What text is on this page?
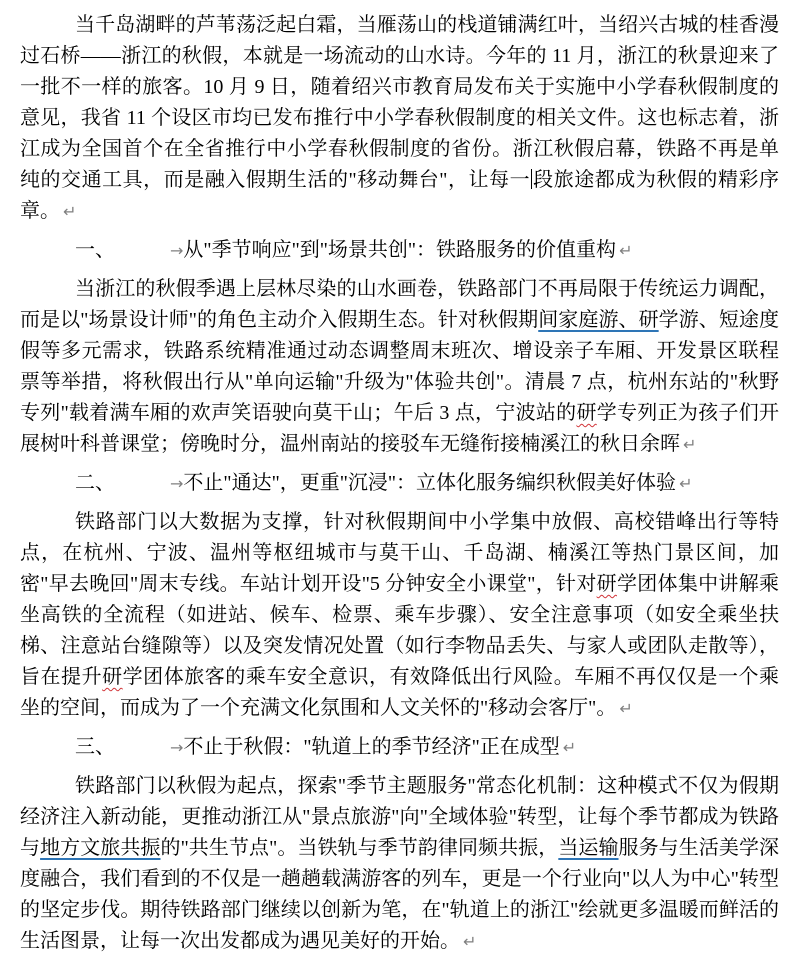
当千岛湖畔的芦苇荡泛起白霜，当雁荡山的栈道铺满红叶，当绍兴古城的桂香漫过石桥——浙江的秋假，本就是一场流动的山水诗。今年的 11 月，浙江的秋景迎来了一批不一样的旅客。10 月 9 日，随着绍兴市教育局发布关于实施中小学春秋假制度的意见，我省 11 个设区市均已发布推行中小学春秋假制度的相关文件。这也标志着，浙江成为全国首个在全省推行中小学春秋假制度的省份。浙江秋假启幕，铁路不再是单纯的交通工具，而是融入假期生活的"移动舞台"，让每一 段旅途都成为秋假的精彩序章。 ↵

一、	→从"季节响应"到"场景共创"：铁路服务的价值重构 ↵

当浙江的秋假季遇上层林尽染的山水画卷，铁路部门不再局限于传统运力调配，而是以"场景设计师"的角色主动介入假期生态。针对秋假期间家庭游、研学游、短途度假等多元需求，铁路系统精准通过动态调整周末班次、增设亲子车厢、开发景区联程票等举措，将秋假出行从"单向运输"升级为"体验共创"。清晨 7 点，杭州东站的"秋野专列"载着满车厢的欢声笑语驶向莫干山；午后 3 点，宁波站的研学专列正为孩子们开展树叶科普课堂；傍晚时分，温州南站的接驳车无缝衔接楠溪江的秋日余晖 ↵

二、	→不止"通达"，更重"沉浸"：立体化服务编织秋假美好体验 ↵

铁路部门以大数据为支撑，针对秋假期间中小学集中放假、高校错峰出行等特点，在杭州、宁波、温州等枢纽城市与莫干山、千岛湖、楠溪江等热门景区间，加密"早去晚回"周末专线。车站计划开设"5 分钟安全小课堂"，针对研学团体集中讲解乘坐高铁的全流程（如进站、候车、检票、乘车步骤）、安全注意事项（如安全乘坐扶梯、注意站台缝隙等）以及突发情况处置（如行李物品丢失、与家人或团队走散等），旨在提升研学团体旅客的乘车安全意识，有效降低出行风险。车厢不再仅仅是一个乘坐的空间，而成为了一个充满文化氛围和人文关怀的"移动会客厅"。 ↵

三、	→不止于秋假："轨道上的季节经济"正在成型 ↵

铁路部门以秋假为起点，探索"季节主题服务"常态化机制：这种模式不仅为假期经济注入新动能，更推动浙江从"景点旅游"向"全域体验"转型，让每个季节都成为铁路与地方文旅共振的"共生节点"。当铁轨与季节韵律同频共振，当运输服务与生活美学深度融合，我们看到的不仅是一趟趟载满游客的列车，更是一个行业向"以人为中心"转型的坚定步伐。期待铁路部门继续以创新为笔，在"轨道上的浙江"绘就更多温暖而鲜活的生活图景，让每一次出发都成为遇见美好的开始。 ↵
